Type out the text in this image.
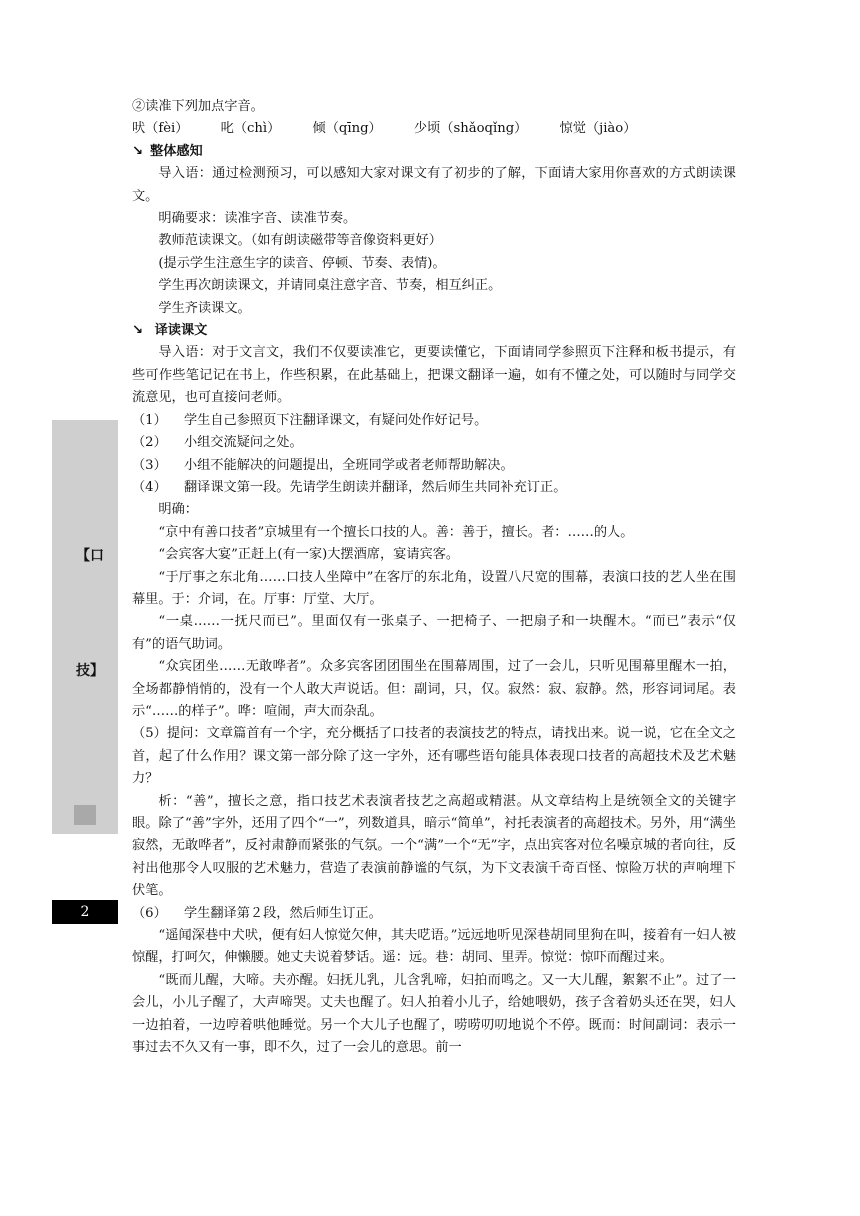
【口
技】
2

②读准下列加点字音。

吠（fèi） 叱（chì） 倾（qīng） 少顷（shǎoqǐng） 惊觉（jiào）

↘ 整体感知

导入语：通过检测预习，可以感知大家对课文有了初步的了解，下面请大家用你喜欢的方式朗读课文。

明确要求：读准字音、读准节奏。

教师范读课文。（如有朗读磁带等音像资料更好）

(提示学生注意生字的读音、停顿、节奏、表情)。

学生再次朗读课文，并请同桌注意字音、节奏，相互纠正。

学生齐读课文。

↘ 译读课文

导入语：对于文言文，我们不仅要读准它，更要读懂它，下面请同学参照页下注释和板书提示，有些可作些笔记记在书上，作些积累，在此基础上，把课文翻译一遍，如有不懂之处，可以随时与同学交流意见，也可直接问老师。

（1） 学生自己参照页下注翻译课文，有疑问处作好记号。

（2） 小组交流疑问之处。

（3） 小组不能解决的问题提出，全班同学或者老师帮助解决。

（4） 翻译课文第一段。先请学生朗读并翻译，然后师生共同补充订正。

明确：

“京中有善口技者”京城里有一个擅长口技的人。善：善于，擅长。者：……的人。

“会宾客大宴”正赶上(有一家)大摆酒席，宴请宾客。

“于厅事之东北角……口技人坐障中”在客厅的东北角，设置八尺宽的围幕，表演口技的艺人坐在围幕里。于：介词，在。厅事：厅堂、大厅。

“一桌……一抚尺而已”。里面仅有一张桌子、一把椅子、一把扇子和一块醒木。“而已”表示“仅有”的语气助词。

“众宾团坐……无敢哗者”。众多宾客团团围坐在围幕周围，过了一会儿，只听见围幕里醒木一拍，全场都静悄悄的，没有一个人敢大声说话。但：副词，只，仅。寂然：寂、寂静。然，形容词词尾。表示“……的样子”。哗：喧闹，声大而杂乱。

（5）提问：文章篇首有一个字，充分概括了口技者的表演技艺的特点，请找出来。说一说，它在全文之首，起了什么作用？课文第一部分除了这一字外，还有哪些语句能具体表现口技者的高超技术及艺术魅力？

析：“善”，擅长之意，指口技艺术表演者技艺之高超或精湛。从文章结构上是统领全文的关键字眼。除了“善”字外，还用了四个“一”，列数道具，暗示“简单”，衬托表演者的高超技术。另外，用“满坐寂然，无敢哗者”，反衬肃静而紧张的气氛。一个“满”一个“无”字，点出宾客对位名噪京城的者向往，反衬出他那令人叹服的艺术魅力，营造了表演前静谧的气氛，为下文表演千奇百怪、惊险万状的声响埋下伏笔。

（6） 学生翻译第２段，然后师生订正。

“遥闻深巷中犬吠，便有妇人惊觉欠伸，其夫呓语。”远远地听见深巷胡同里狗在叫，接着有一妇人被惊醒，打呵欠，伸懒腰。她丈夫说着梦话。遥：远。巷：胡同、里弄。惊觉：惊吓而醒过来。

“既而儿醒，大啼。夫亦醒。妇抚儿乳，儿含乳啼，妇拍而鸣之。又一大儿醒，絮絮不止”。过了一会儿，小儿子醒了，大声啼哭。丈夫也醒了。妇人拍着小儿子，给她喂奶，孩子含着奶头还在哭，妇人一边拍着，一边哼着哄他睡觉。另一个大儿子也醒了，唠唠叨叨地说个不停。既而：时间副词：表示一事过去不久又有一事，即不久，过了一会儿的意思。前一
